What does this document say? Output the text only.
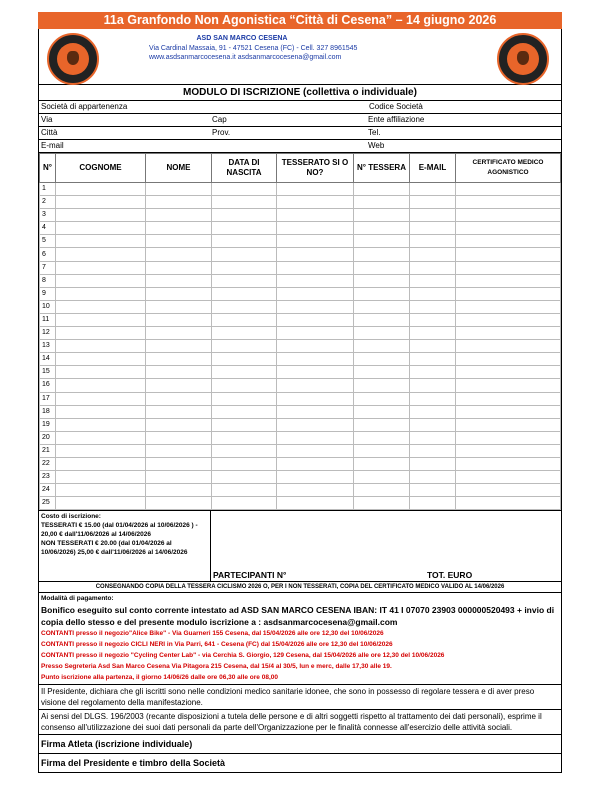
11a Granfondo Non Agonistica “Città di Cesena” – 14 giugno 2026
ASD SAN MARCO CESENA
Via Cardinal Massaia, 91 - 47521 Cesena (FC) - Cell. 327 8961545
www.asdsanmarcocesena.it asdsanmarcocesena@gmail.com
MODULO DI ISCRIZIONE (collettiva o individuale)
Società di appartenenza	Codice Società
Via	Cap	Ente affiliazione
Città	Prov.	Tel.
E-mail	Web
N°	COGNOME	NOME	DATA DI NASCITA	TESSERATO SI O NO?	N° TESSERA	E-MAIL	CERTIFICATO MEDICO AGONISTICO
1							
2							
3							
4							
5							
6							
7							
8							
9							
10							
11							
12							
13							
14							
15							
16							
17							
18							
19							
20							
21							
22							
23							
24							
25							
Costo di iscrizione:
TESSERATI € 15.00 (dal 01/04/2026 al 10/06/2026 ) - 20,00 € dall'11/06/2026 al 14/06/2026
NON TESSERATI € 20.00 (dal 01/04/2026 al 10/06/2026) 25,00 € dall'11/06/2026 al 14/06/2026
PARTECIPANTI N°	TOT. EURO
CONSEGNANDO COPIA DELLA TESSERA CICLISMO 2026 O, PER I NON TESSERATI, COPIA DEL CERTIFICATO MEDICO VALIDO AL 14/06/2026
Modalità di pagamento:
Bonifico eseguito sul conto corrente intestato ad ASD SAN MARCO CESENA IBAN: IT 41 I 07070 23903 000000520493 + invio di copia dello stesso e del presente modulo iscrizione a : asdsanmarcocesena@gmail.com
CONTANTI presso il negozio"Alice Bike" - Via Guarneri 155 Cesena, dal 15/04/2026 alle ore 12,30 del 10/06/2026
CONTANTI presso il negozio CICLI NERI in Via Parri, 641 - Cesena (FC) dal 15/04/2026 alle ore 12,30 del 10/06/2026
CONTANTI presso il negozio "Cycling Center Lab" - via Cerchia S. Giorgio, 129 Cesena, dal 15/04/2026 alle ore 12,30 del 10/06/2026
Presso Segreteria Asd San Marco Cesena Via Pitagora 215 Cesena, dal 15/4 al 30/5, lun e merc, dalle 17,30 alle 19.
Punto iscrizione alla partenza, il giorno 14/06/26 dalle ore 06,30 alle ore 08,00
Il Presidente, dichiara che gli iscritti sono nelle condizioni medico sanitarie idonee, che sono in possesso di regolare tessera e di aver preso visione del regolamento della manifestazione.
Ai sensi del DLGS. 196/2003 (recante disposizioni a tutela delle persone e di altri soggetti rispetto al trattamento dei dati personali), esprime il consenso all'utilizzazione dei suoi dati personali da parte dell'Organizzazione per le finalità connesse all'esercizio delle attività sociali.
Firma Atleta (iscrizione individuale)
Firma del Presidente e timbro della Società
